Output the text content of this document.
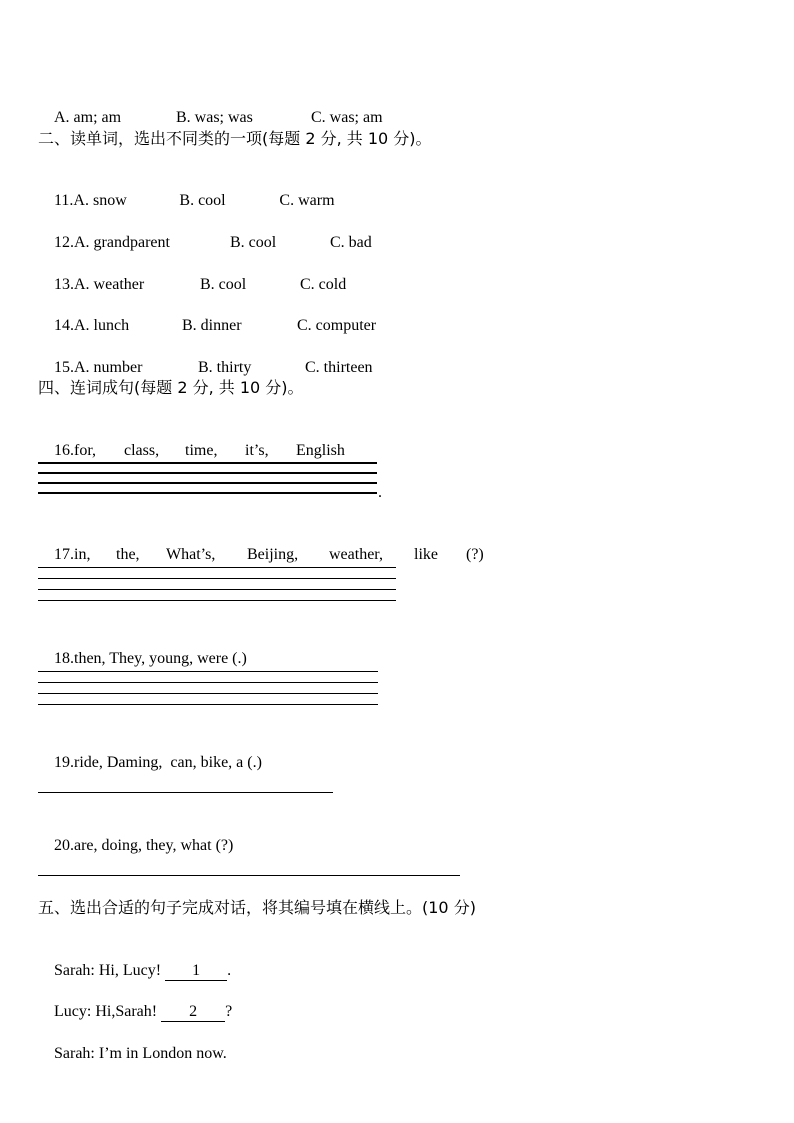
A. am; am	B. was; was	C. was; am

二、读单词，选出不同类的一项(每题 2 分, 共 10 分)。

11.A. snow	B. cool	C. warm

12.A. grandparent	B. cool	C. bad

13.A. weather	B. cool	C. cold

14.A. lunch	B. dinner	C. computer

15.A. number	B. thirty	C. thirteen

四、连词成句(每题 2 分, 共 10 分)。

16.for, class, time, it’s, English

.

17.in, the, What’s, Beijing, weather, like (?)

18.then, They, young, were (.)

19.ride, Daming,  can, bike, a (.)

20.are, doing, they, what (?)

五、选出合适的句子完成对话，将其编号填在横线上。(10 分)

Sarah: Hi, Lucy! 1 .

Lucy: Hi,Sarah! 2 ?

Sarah: I’m in London now.
